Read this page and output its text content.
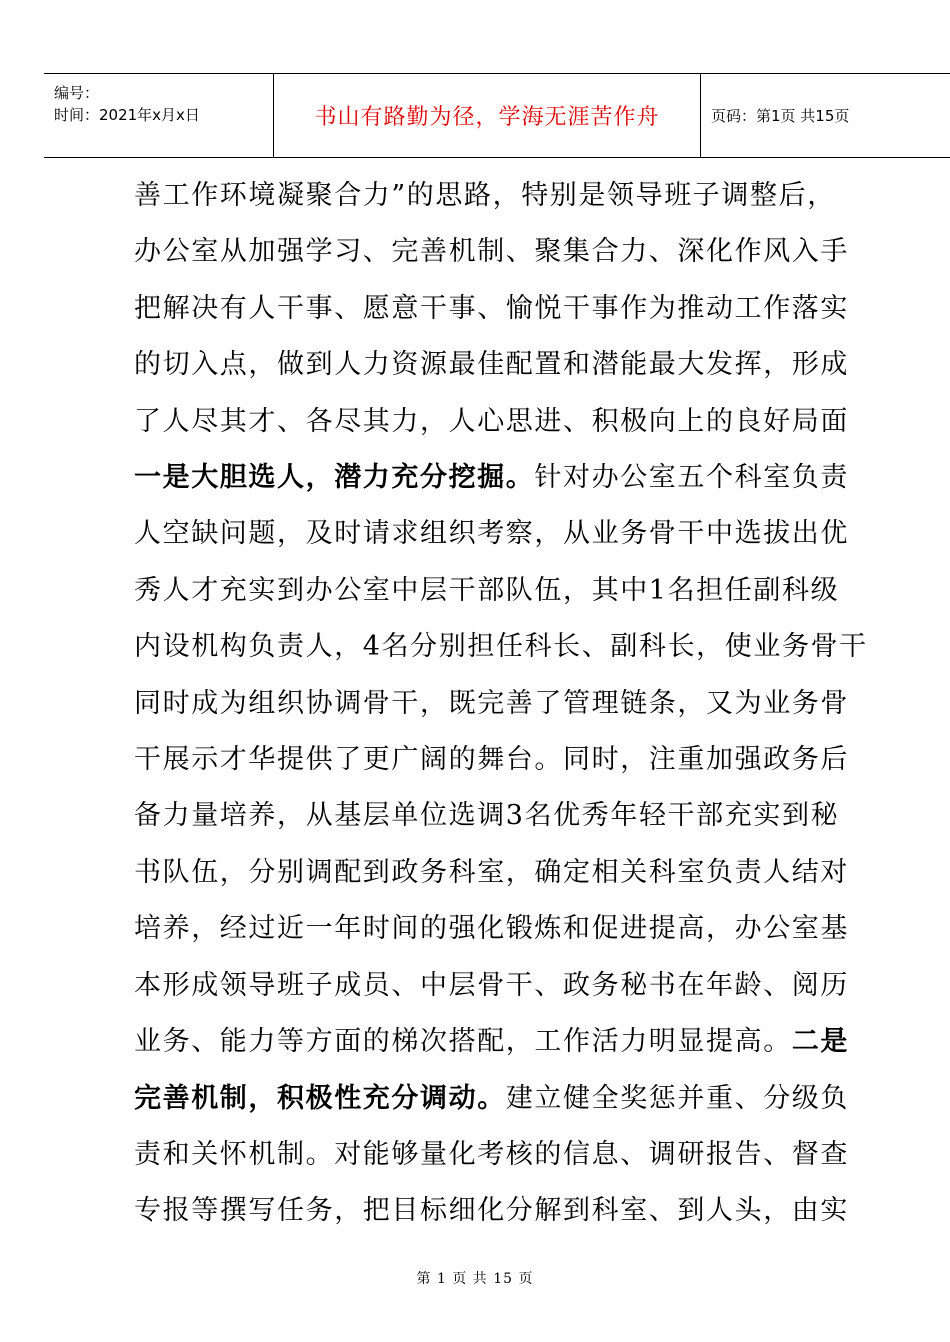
编号：
时间：2021年x月x日	书山有路勤为径，学海无涯苦作舟	页码：第1页 共15页
善工作环境凝聚合力”的思路，特别是领导班子调整后，
办公室从加强学习、完善机制、聚集合力、深化作风入手
把解决有人干事、愿意干事、愉悦干事作为推动工作落实
的切入点，做到人力资源最佳配置和潜能最大发挥，形成
了人尽其才、各尽其力，人心思进、积极向上的良好局面
一是大胆选人，潜力充分挖掘。针对办公室五个科室负责
人空缺问题，及时请求组织考察，从业务骨干中选拔出优
秀人才充实到办公室中层干部队伍，其中1名担任副科级
内设机构负责人，4名分别担任科长、副科长，使业务骨干
同时成为组织协调骨干，既完善了管理链条，又为业务骨
干展示才华提供了更广阔的舞台。同时，注重加强政务后
备力量培养，从基层单位选调3名优秀年轻干部充实到秘
书队伍，分别调配到政务科室，确定相关科室负责人结对
培养，经过近一年时间的强化锻炼和促进提高，办公室基
本形成领导班子成员、中层骨干、政务秘书在年龄、阅历
业务、能力等方面的梯次搭配，工作活力明显提高。二是
完善机制，积极性充分调动。建立健全奖惩并重、分级负
责和关怀机制。对能够量化考核的信息、调研报告、督查
专报等撰写任务，把目标细化分解到科室、到人头，由实
第 1 页 共 15 页
